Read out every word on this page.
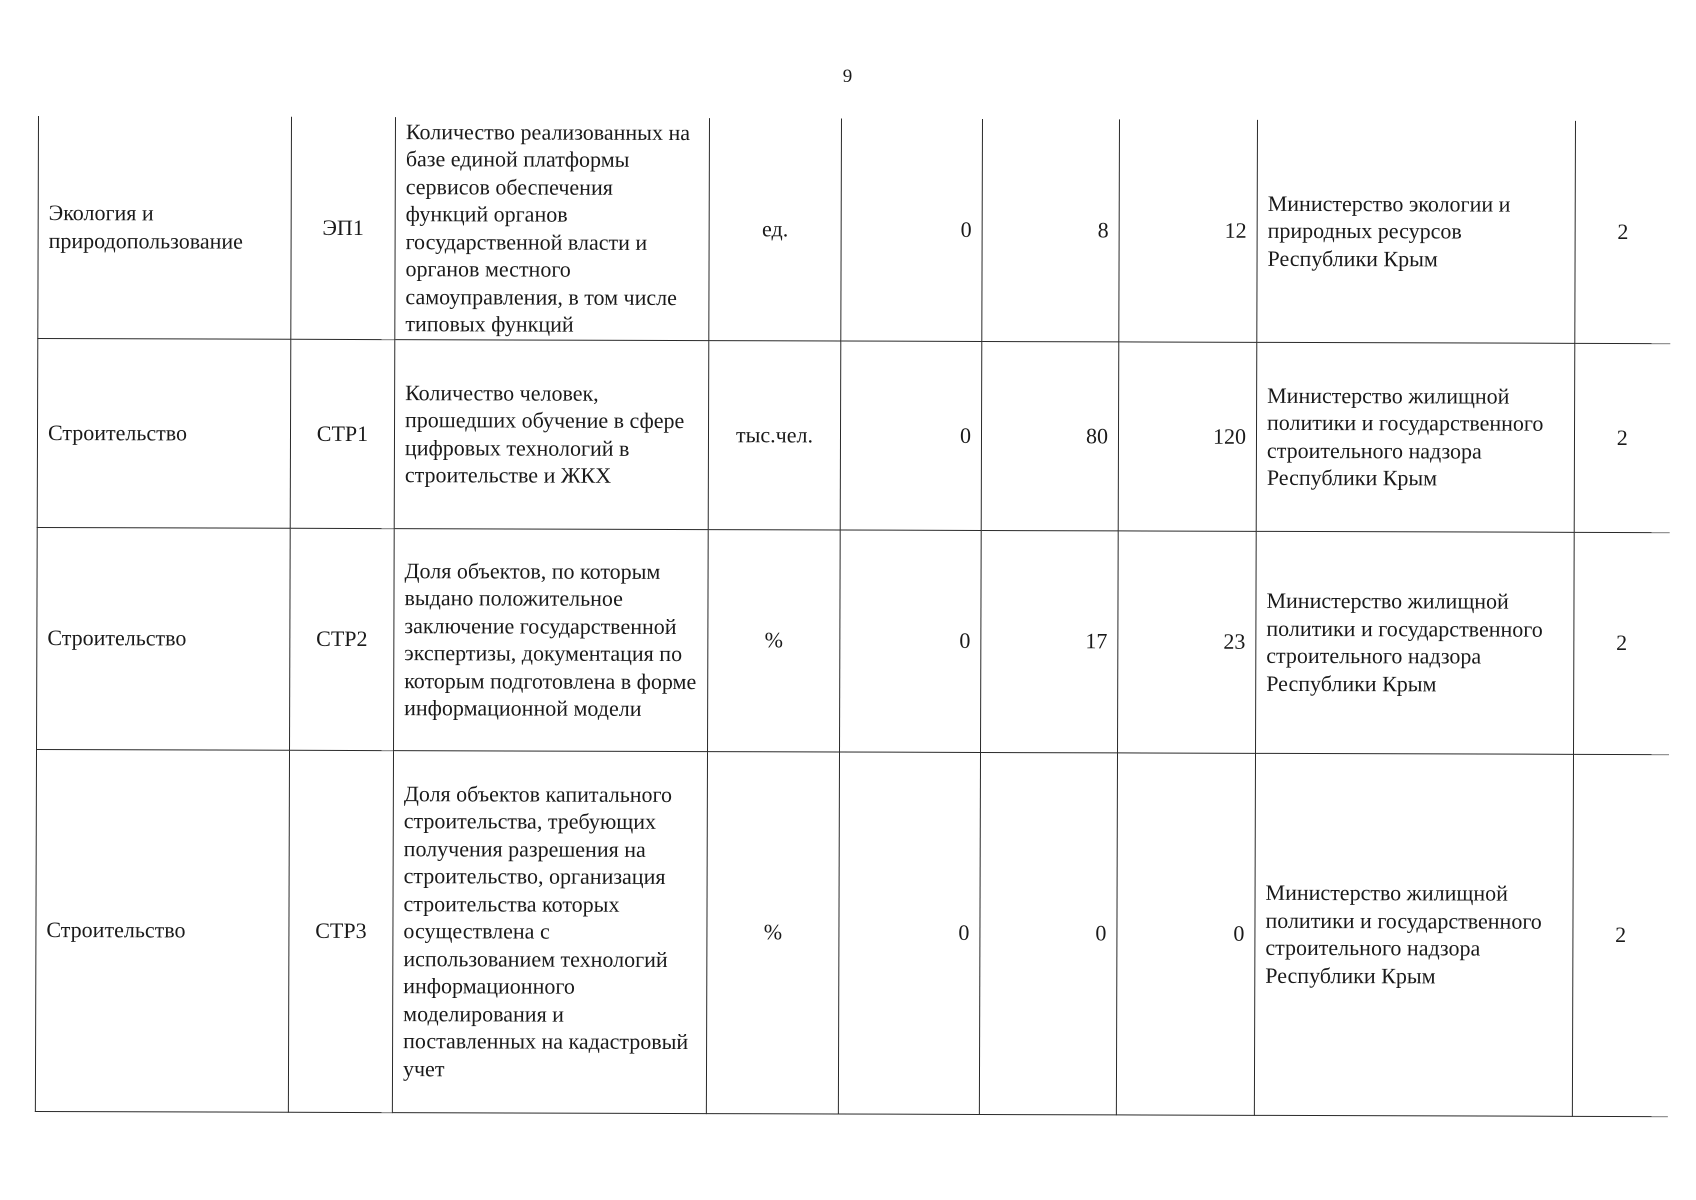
9
Экология и природопользование	ЭП1	Количество реализованных на базе единой платформы сервисов обеспечения функций органов государственной власти и органов местного самоуправления, в том числе типовых функций	ед.	0	8	12	Министерство экологии и природных ресурсов Республики Крым	2
Строительство	СТР1	Количество человек, прошедших обучение в сфере цифровых технологий в строительстве и ЖКХ	тыс.чел.	0	80	120	Министерство жилищной политики и государственного строительного надзора Республики Крым	2
Строительство	СТР2	Доля объектов, по которым выдано положительное заключение государственной экспертизы, документация по которым подготовлена в форме информационной модели	%	0	17	23	Министерство жилищной политики и государственного строительного надзора Республики Крым	2
Строительство	СТР3	Доля объектов капитального строительства, требующих получения разрешения на строительство, организация строительства которых осуществлена с использованием технологий информационного моделирования и поставленных на кадастровый учет	%	0	0	0	Министерство жилищной политики и государственного строительного надзора Республики Крым	2
